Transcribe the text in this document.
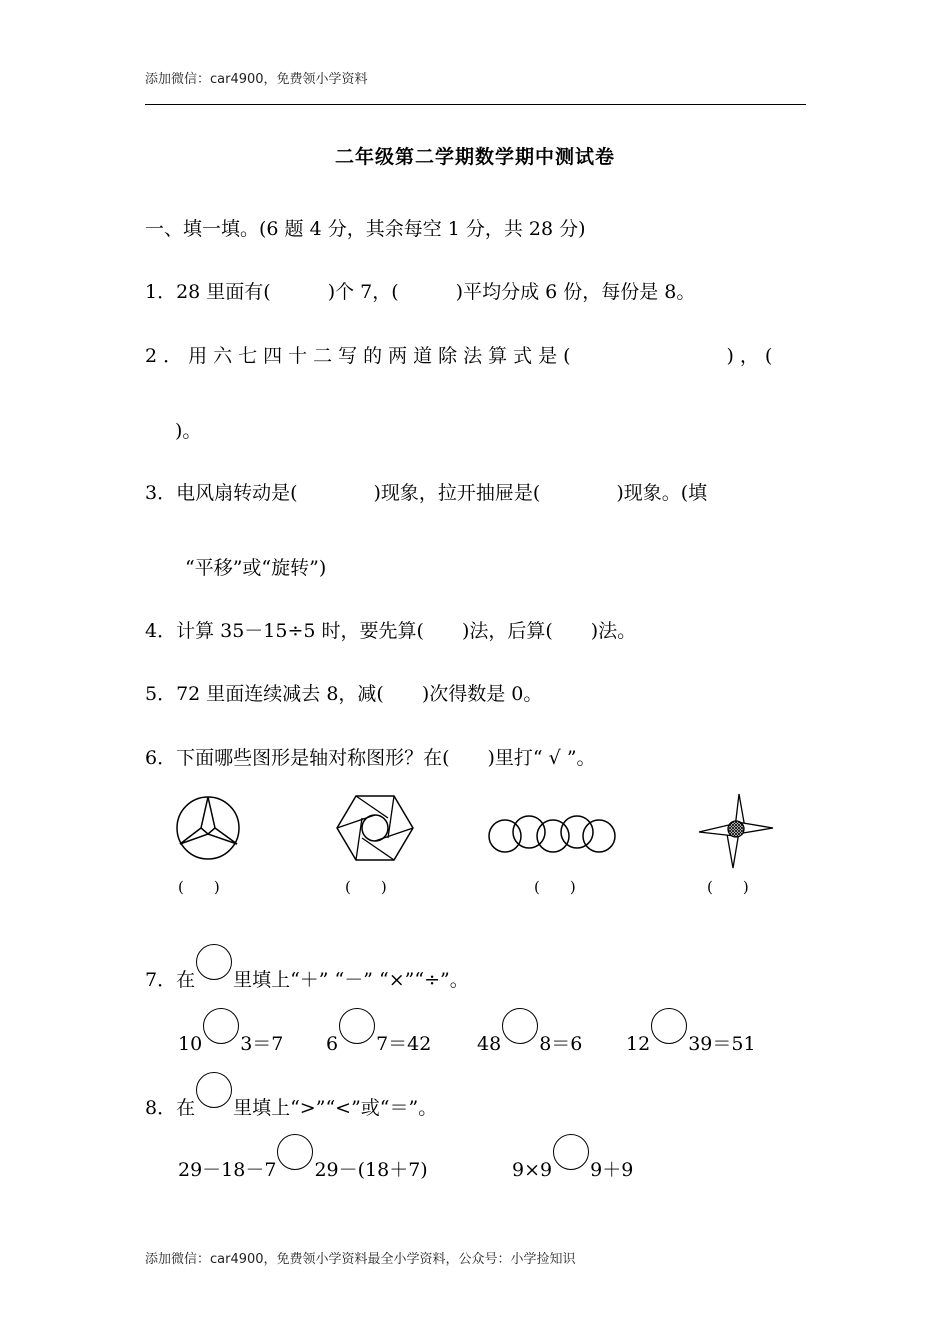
添加微信：car4900，免费领小学资料
二年级第二学期数学期中测试卷
一、填一填。(6 题 4 分，其余每空 1 分，共 28 分)
1．28 里面有(　　　)个 7，(　　　)平均分成 6 份，每份是 8。
2．用六七四十二写的两道除法算式是(　　　　　　)，(
)。
3．电风扇转动是(　　　　)现象，拉开抽屉是(　　　　)现象。(填
“平移”或“旋转”)
4．计算 35－15÷5 时，要先算(　　)法，后算(　　)法。
5．72 里面连续减去 8，减(　　)次得数是 0。
6．下面哪些图形是轴对称图形？在(　　)里打“ √ ”。
(　　)	(　　)	(　　)	(　　)
7．在 里填上“＋” “－” “×”“÷”。
10 3＝7 6 7＝42 48 8＝6 12 39＝51
8．在 里填上“>”“<”或“＝”。
29－18－7 29－(18＋7)	9×9 9＋9
添加微信：car4900，免费领小学资料最全小学资料，公众号：小学捡知识
